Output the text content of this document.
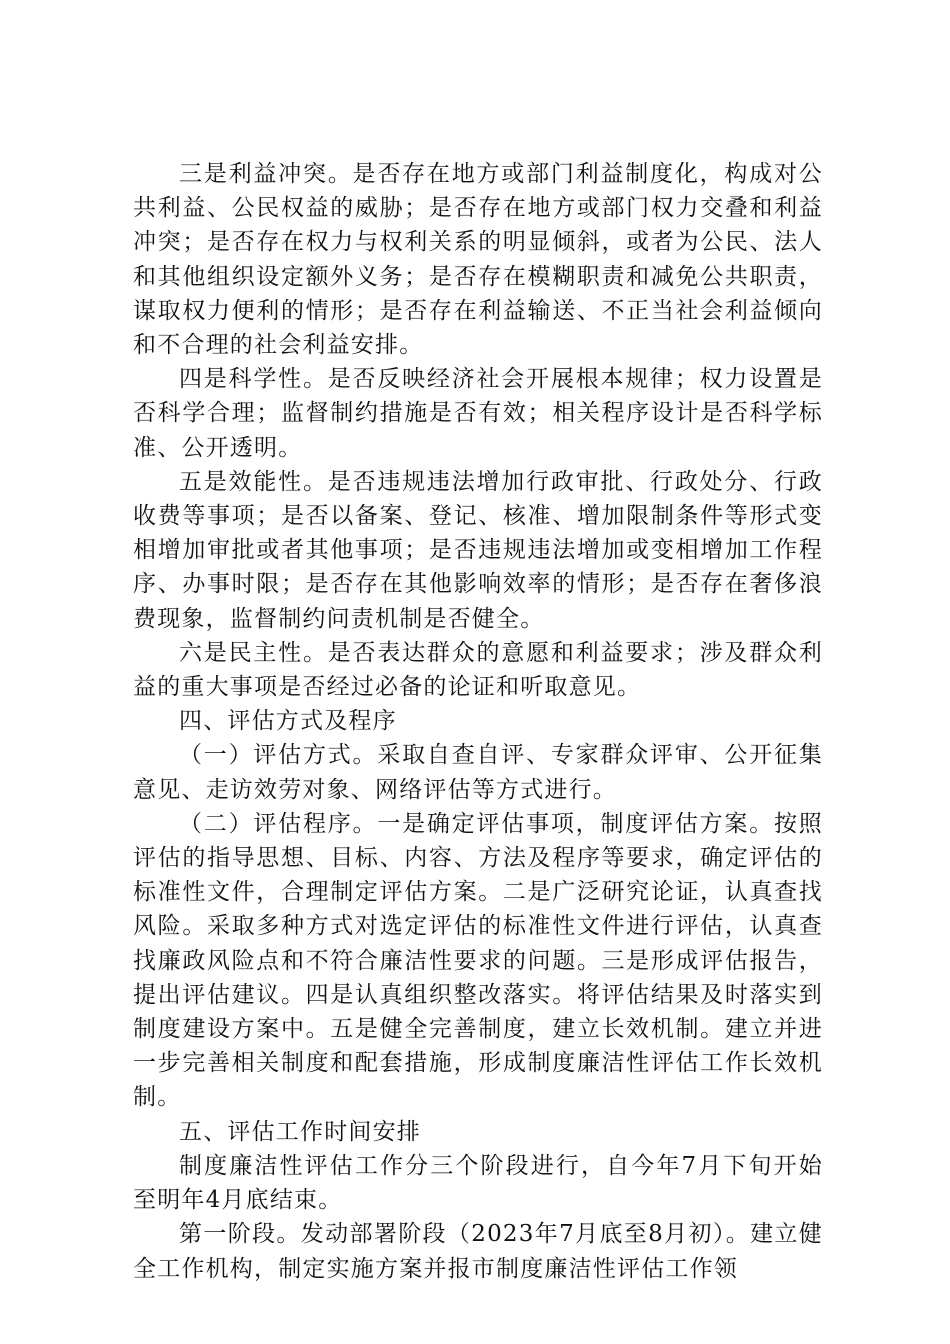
三是利益冲突。是否存在地方或部门利益制度化，构成对公共利益、公民权益的威胁；是否存在地方或部门权力交叠和利益冲突；是否存在权力与权利关系的明显倾斜，或者为公民、法人和其他组织设定额外义务；是否存在模糊职责和减免公共职责，谋取权力便利的情形；是否存在利益输送、不正当社会利益倾向和不合理的社会利益安排。

四是科学性。是否反映经济社会开展根本规律；权力设置是否科学合理；监督制约措施是否有效；相关程序设计是否科学标准、公开透明。

五是效能性。是否违规违法增加行政审批、行政处分、行政收费等事项；是否以备案、登记、核准、增加限制条件等形式变相增加审批或者其他事项；是否违规违法增加或变相增加工作程序、办事时限；是否存在其他影响效率的情形；是否存在奢侈浪费现象，监督制约问责机制是否健全。

六是民主性。是否表达群众的意愿和利益要求；涉及群众利益的重大事项是否经过必备的论证和听取意见。

四、评估方式及程序

（一）评估方式。采取自查自评、专家群众评审、公开征集意见、走访效劳对象、网络评估等方式进行。

（二）评估程序。一是确定评估事项，制度评估方案。按照评估的指导思想、目标、内容、方法及程序等要求，确定评估的标准性文件，合理制定评估方案。二是广泛研究论证，认真查找风险。采取多种方式对选定评估的标准性文件进行评估，认真查找廉政风险点和不符合廉洁性要求的问题。三是形成评估报告，提出评估建议。四是认真组织整改落实。将评估结果及时落实到制度建设方案中。五是健全完善制度，建立长效机制。建立并进一步完善相关制度和配套措施，形成制度廉洁性评估工作长效机制。

五、评估工作时间安排

制度廉洁性评估工作分三个阶段进行，自今年7月下旬开始至明年4月底结束。

第一阶段。发动部署阶段（2023年7月底至8月初）。建立健全工作机构，制定实施方案并报市制度廉洁性评估工作领
